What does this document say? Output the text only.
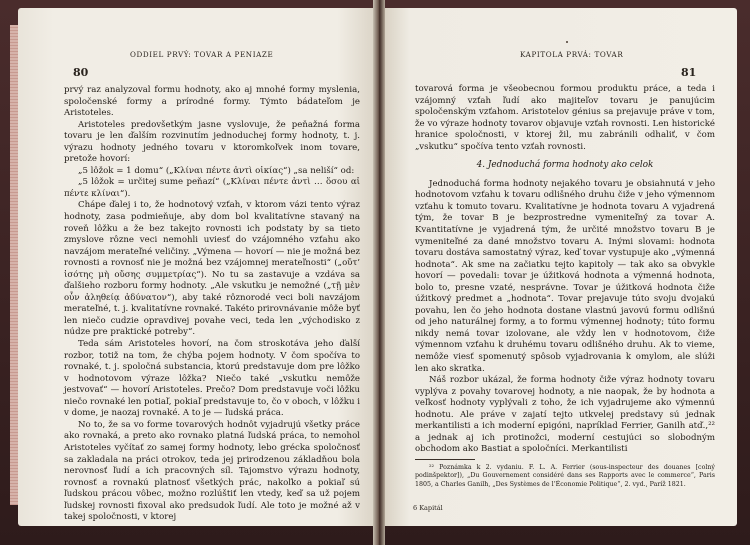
80
ODDIEL PRVÝ: TOVAR A PENIAZE

prvý raz analyzoval formu hodnoty, ako aj mnohé formy myslenia, spoločenské formy a prírodné formy. Týmto bádateľom je Aristoteles.

Aristoteles predovšetkým jasne vyslovuje, že peňažná forma tovaru je len ďalším rozvinutím jednoduchej formy hodnoty, t. j. výrazu hodnoty jedného tovaru v ktoromkoľvek inom tovare, pretože hovorí:

„5 lôžok = 1 domu“ („Κλίναι πέντε ἀντὶ οἰκίας“) „sa neliší“ od:

„5 lôžok = určitej sume peňazí“ („Κλίναι πέντε ἀντὶ … ὅσου αἱ πέντε κλίναι“).

Chápe ďalej i to, že hodnotový vzťah, v ktorom vázi tento výraz hodnoty, zasa podmieňuje, aby dom bol kvalitatívne stavaný na roveň lôžku a že bez takejto rovnosti ich podstaty by sa tieto zmyslove rôzne veci nemohli uviesť do vzájomného vzťahu ako navzájom merateľné veličiny. „Výmena — hovorí — nie je možná bez rovnosti a rovnosť nie je možná bez vzájomnej merateľnosti“ („οὔτ’ ἰσότης μὴ οὔσης συμμετρίας“). No tu sa zastavuje a vzdáva sa ďalšieho rozboru formy hodnoty. „Ale vskutku je nemožné („τῇ μὲν οὖν ἀληθείᾳ ἀδύνατον“), aby také rôznorodé veci boli navzájom merateľné, t. j. kvalitatívne rovnaké. Takéto prirovnávanie môže byť len niečo cudzie opravdivej povahe veci, teda len „východisko z núdze pre praktické potreby“.

Teda sám Aristoteles hovorí, na čom stroskotáva jeho ďalší rozbor, totiž na tom, že chýba pojem hodnoty. V čom spočíva to rovnaké, t. j. spoločná substancia, ktorú predstavuje dom pre lôžko v hodnotovom výraze lôžka? Niečo také „vskutku nemôže jestvovať“ — hovorí Aristoteles. Prečo? Dom predstavuje voči lôžku niečo rovnaké len potiaľ, pokiaľ predstavuje to, čo v oboch, v lôžku i v dome, je naozaj rovnaké. A to je — ľudská práca.

No to, že sa vo forme tovarových hodnôt vyjadrujú všetky práce ako rovnaká, a preto ako rovnako platná ľudská práca, to nemohol Aristoteles vyčítať zo samej formy hodnoty, lebo grécka spoločnosť sa zakladala na práci otrokov, teda jej prirodzenou základňou bola nerovnosť ľudí a ich pracovných síl. Tajomstvo výrazu hodnoty, rovnosť a rovnakú platnosť všetkých prác, nakoľko a pokiaľ sú ľudskou prácou vôbec, možno rozlúštiť len vtedy, keď sa už pojem ľudskej rovnosti fixoval ako predsudok ľudí. Ale toto je možné až v takej spoločnosti, v ktorej

KAPITOLA PRVÁ: TOVAR
81

tovarová forma je všeobecnou formou produktu práce, a teda i vzájomný vzťah ľudí ako majiteľov tovaru je panujúcim spoločenským vzťahom. Aristotelov génius sa prejavuje práve v tom, že vo výraze hodnoty tovarov objavuje vzťah rovnosti. Len historické hranice spoločnosti, v ktorej žil, mu zabránili odhaliť, v čom „vskutku“ spočíva tento vzťah rovnosti.

4. Jednoduchá forma hodnoty ako celok

Jednoduchá forma hodnoty nejakého tovaru je obsiahnutá v jeho hodnotovom vzťahu k tovaru odlišného druhu čiže v jeho výmennom vzťahu k tomuto tovaru. Kvalitatívne je hodnota tovaru A vyjadrená tým, že tovar B je bezprostredne vymeniteľný za tovar A. Kvantitatívne je vyjadrená tým, že určité množstvo tovaru B je vymeniteľné za dané množstvo tovaru A. Inými slovami: hodnota tovaru dostáva samostatný výraz, keď tovar vystupuje ako „výmenná hodnota“. Ak sme na začiatku tejto kapitoly — tak ako sa obvykle hovorí — povedali: tovar je úžitková hodnota a výmenná hodnota, bolo to, presne vzaté, nesprávne. Tovar je úžitková hodnota čiže úžitkový predmet a „hodnota“. Tovar prejavuje túto svoju dvojakú povahu, len čo jeho hodnota dostane vlastnú javovú formu odlišnú od jeho naturálnej formy, a to formu výmennej hodnoty; túto formu nikdy nemá tovar izolovane, ale vždy len v hodnotovom, čiže výmennom vzťahu k druhému tovaru odlišného druhu. Ak to vieme, nemôže viesť spomenutý spôsob vyjadrovania k omylom, ale slúži len ako skratka.

Náš rozbor ukázal, že forma hodnoty čiže výraz hodnoty tovaru vyplýva z povahy tovarovej hodnoty, a nie naopak, že by hodnota a veľkosť hodnoty vyplývali z toho, že ich vyjadrujeme ako výmennú hodnotu. Ale práve v zajatí tejto utkvelej predstavy sú jednak merkantilisti a ich moderní epigóni, napríklad Ferrier, Ganilh atď.,²² a jednak aj ich protinožci, moderní cestujúci so slobodným obchodom ako Bastiat a spoločníci. Merkantilisti

²² Poznámka k 2. vydaniu. F. L. A. Ferrier (sous-inspecteur des douanes [colný podinšpektor]), „Du Gouvernement considéré dans ses Rapports avec le commerce“, Paris 1805, a Charles Ganilh, „Des Systèmes de l’Économie Politique“, 2. vyd., Paríž 1821.

6 Kapitál
